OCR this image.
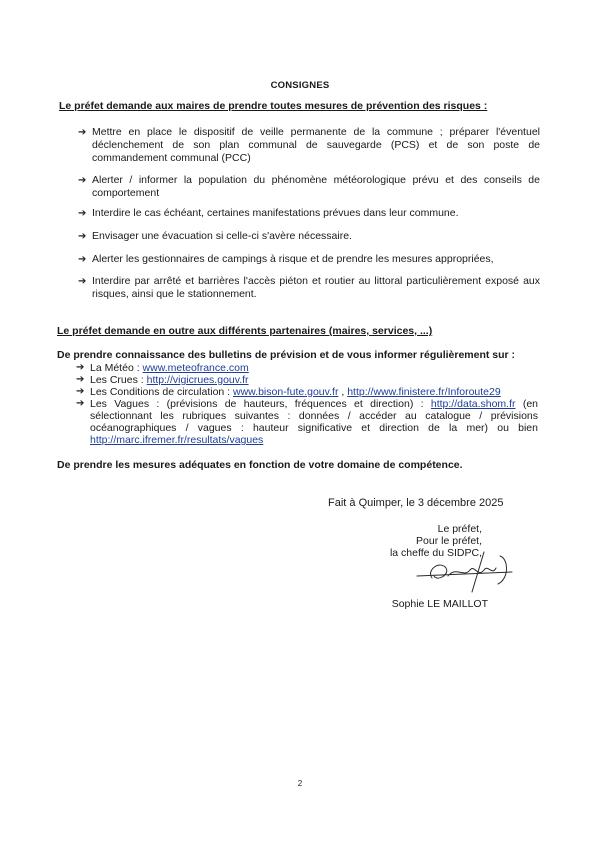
CONSIGNES
Le préfet demande aux maires de prendre toutes mesures de prévention des risques :
➔ Mettre en place le dispositif de veille permanente de la commune ; préparer l'éventuel déclenchement de son plan communal de sauvegarde (PCS) et de son poste de commandement communal (PCC)
➔ Alerter / informer la population du phénomène météorologique prévu et des conseils de comportement
➔ Interdire le cas échéant, certaines manifestations prévues dans leur commune.
➔ Envisager une évacuation si celle-ci s'avère nécessaire.
➔ Alerter les gestionnaires de campings à risque et de prendre les mesures appropriées,
➔ Interdire par arrêté et barrières l'accès piéton et routier au littoral particulièrement exposé aux risques, ainsi que le stationnement.
Le préfet demande en outre aux différents partenaires (maires, services, ...)
De prendre connaissance des bulletins de prévision et de vous informer régulièrement sur :
➔ La Météo : www.meteofrance.com
➔ Les Crues : http://vigicrues.gouv.fr
➔ Les Conditions de circulation : www.bison-fute.gouv.fr , http://www.finistere.fr/Inforoute29
➔ Les Vagues : (prévisions de hauteurs, fréquences et direction) : http://data.shom.fr (en sélectionnant les rubriques suivantes : données / accéder au catalogue / prévisions océanographiques / vagues : hauteur significative et direction de la mer) ou bien http://marc.ifremer.fr/resultats/vagues
De prendre les mesures adéquates en fonction de votre domaine de compétence.
Fait à Quimper, le 3 décembre 2025
Le préfet,
Pour le préfet,
la cheffe du SIDPC,
Sophie LE MAILLOT
2
